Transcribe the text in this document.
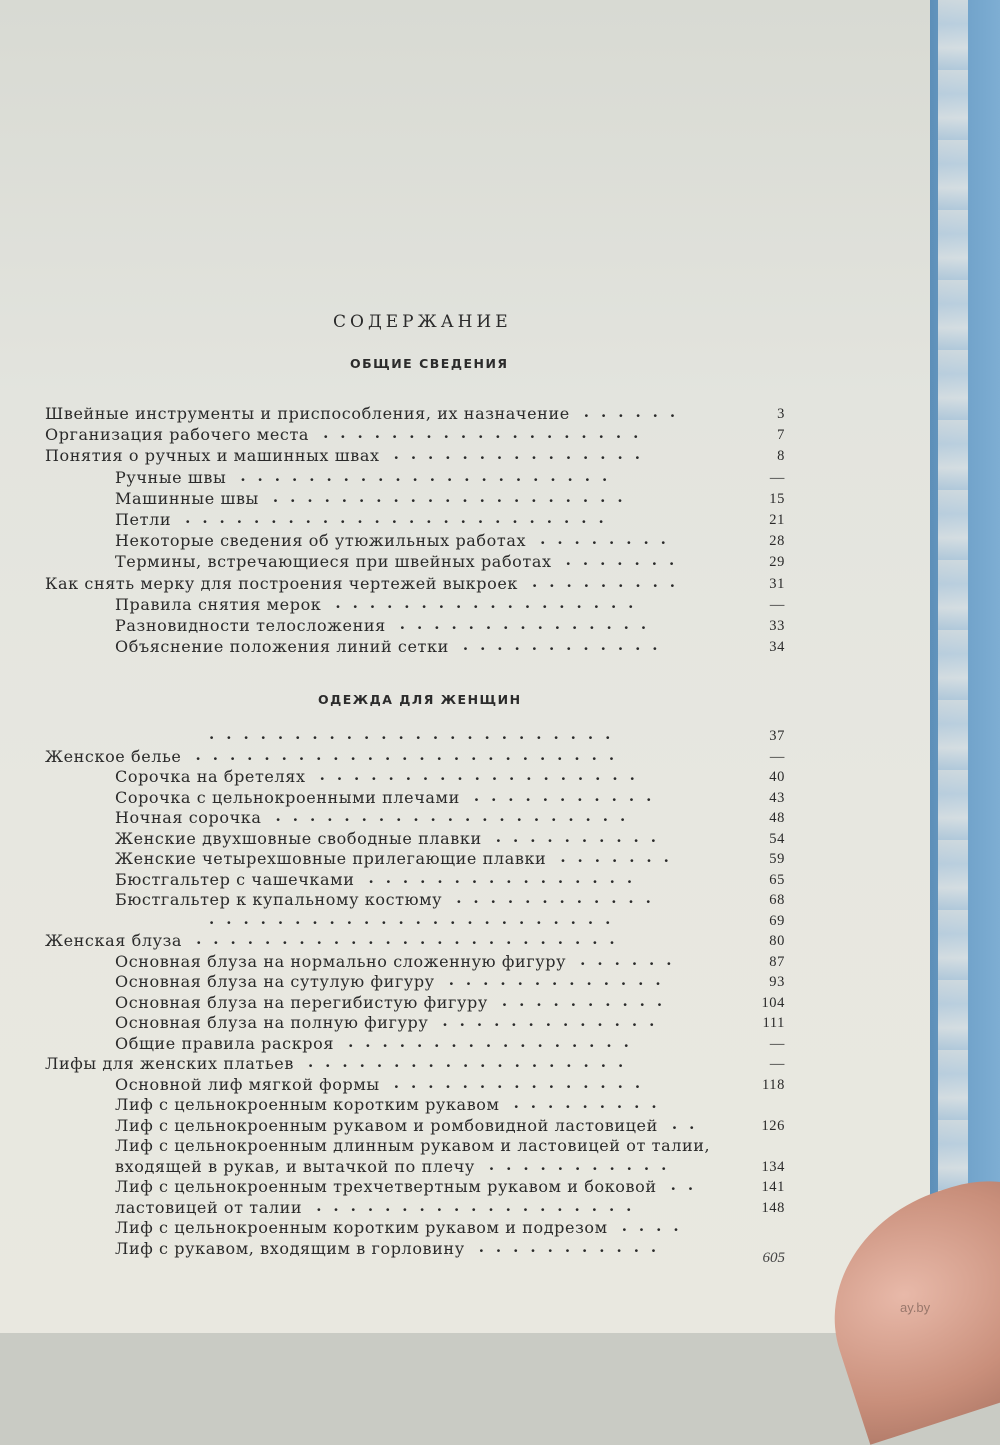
СОДЕРЖАНИЕ
ОБЩИЕ СВЕДЕНИЯ
Швейные инструменты и приспособления, их назначение ......	3
Организация рабочего места ...................	7
Понятия о ручных и машинных швах ...............	8
Ручные швы ......................	—
Машинные швы .....................	15
Петли .........................	21
Некоторые сведения об утюжильных работах ........	28
Термины, встречающиеся при швейных работах .......	29
Как снять мерку для построения чертежей выкроек .........	31
Правила снятия мерок ..................	—
Разновидности телосложения ...............	33
Объяснение положения линий сетки ............	34
ОДЕЖДА ДЛЯ ЖЕНЩИН
........................	37
Женское белье .........................	—
Сорочка на бретелях ...................	40
Сорочка с цельнокроенными плечами ...........	43
Ночная сорочка .....................	48
Женские двухшовные свободные плавки ..........	54
Женские четырехшовные прилегающие плавки .......	59
Бюстгальтер с чашечками ................	65
Бюстгальтер к купальному костюму ............	68
........................	69
Женская блуза .........................	80
Основная блуза на нормально сложенную фигуру ......	87
Основная блуза на сутулую фигуру .............	93
Основная блуза на перегибистую фигуру ..........	104
Основная блуза на полную фигуру .............	111
Общие правила раскроя .................	—
Лифы для женских платьев ...................	—
Основной лиф мягкой формы ...............	118
Лиф с цельнокроенным коротким рукавом .........
Лиф с цельнокроенным рукавом и ромбовидной ластовицей ..	126
Лиф с цельнокроенным длинным рукавом и ластовицей от талии,
входящей в рукав, и вытачкой по плечу ...........	134
Лиф с цельнокроенным трехчетвертным рукавом и боковой ..	141
ластовицей от талии ...................	148
Лиф с цельнокроенным коротким рукавом и подрезом ....
Лиф с рукавом, входящим в горловину ...........
605
ay.by
